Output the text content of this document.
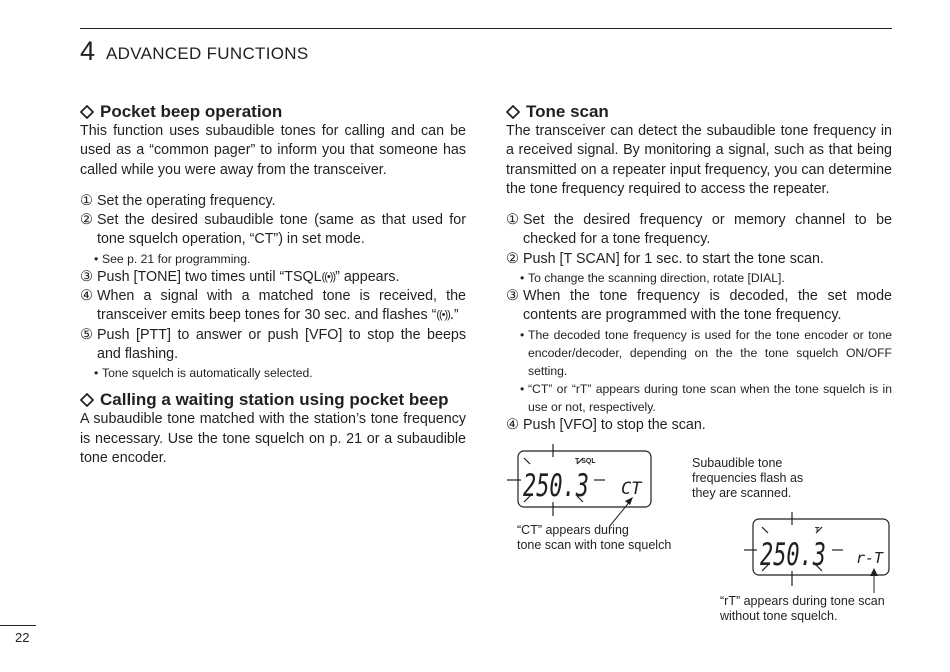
4 ADVANCED FUNCTIONS
Pocket beep operation

This function uses subaudible tones for calling and can be used as a “common pager” to inform you that someone has called while you were away from the transceiver.

① Set the operating frequency.
② Set the desired subaudible tone (same as that used for tone squelch operation, “CT”) in set mode.
• See p. 21 for programming.
③ Push [TONE] two times until “TSQL((•))” appears.
④ When a signal with a matched tone is received, the transceiver emits beep tones for 30 sec. and flashes “((•)).”
⑤ Push [PTT] to answer or push [VFO] to stop the beeps and flashing.
• Tone squelch is automatically selected.
Calling a waiting station using pocket beep

A subaudible tone matched with the station’s tone frequency is necessary. Use the tone squelch on p. 21 or a subaudible tone encoder.

Tone scan

The transceiver can detect the subaudible tone frequency in a received signal. By monitoring a signal, such as that being transmitted on a repeater input frequency, you can determine the tone frequency required to access the repeater.

① Set the desired frequency or memory channel to be checked for a tone frequency.
② Push [T SCAN] for 1 sec. to start the tone scan.
• To change the scanning direction, rotate [DIAL].
③ When the tone frequency is decoded, the set mode contents are programmed with the tone frequency.
• The decoded tone frequency is used for the tone encoder or tone encoder/decoder, depending on the the tone squelch ON/OFF setting.
• “CT” or “rT” appears during tone scan when the tone squelch is in use or not, respectively.
④ Push [VFO] to stop the scan.
T SQL
250.3 CT
T
250.3 r-T
Subaudible tone
frequencies flash as
they are scanned.
“CT” appears during
tone scan with tone squelch
“rT” appears during tone scan
without tone squelch.
22
